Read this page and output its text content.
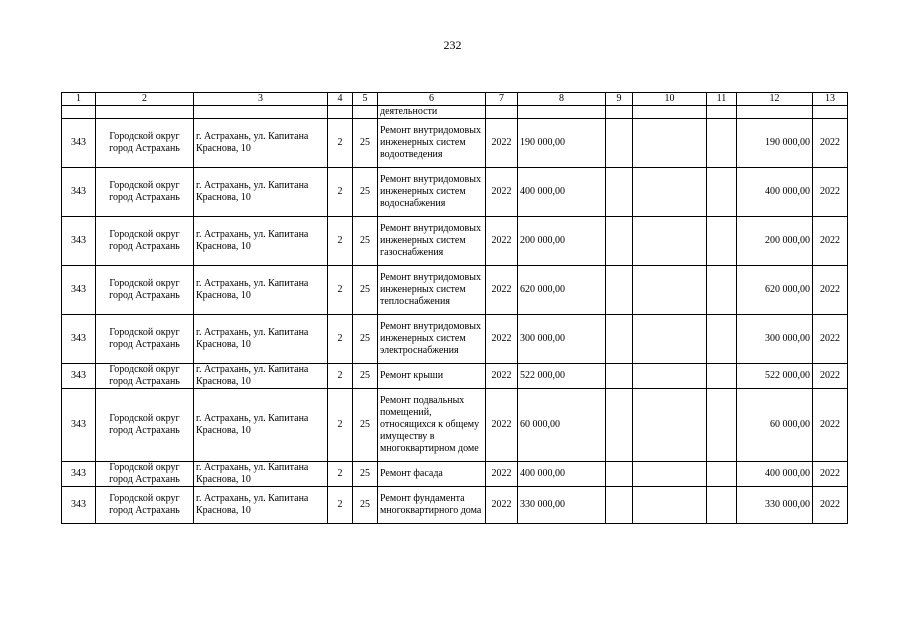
232
1	2	3	4	5	6	7	8	9	10	11	12	13
					деятельности							
343	Городской округ город Астрахань	г. Астрахань, ул. Капитана Краснова, 10	2	25	Ремонт внутридомовых инженерных систем водоотведения	2022	190 000,00				190 000,00	2022
343	Городской округ город Астрахань	г. Астрахань, ул. Капитана Краснова, 10	2	25	Ремонт внутридомовых инженерных систем водоснабжения	2022	400 000,00				400 000,00	2022
343	Городской округ город Астрахань	г. Астрахань, ул. Капитана Краснова, 10	2	25	Ремонт внутридомовых инженерных систем газоснабжения	2022	200 000,00				200 000,00	2022
343	Городской округ город Астрахань	г. Астрахань, ул. Капитана Краснова, 10	2	25	Ремонт внутридомовых инженерных систем теплоснабжения	2022	620 000,00				620 000,00	2022
343	Городской округ город Астрахань	г. Астрахань, ул. Капитана Краснова, 10	2	25	Ремонт внутридомовых инженерных систем электроснабжения	2022	300 000,00				300 000,00	2022
343	Городской округ город Астрахань	г. Астрахань, ул. Капитана Краснова, 10	2	25	Ремонт крыши	2022	522 000,00				522 000,00	2022
343	Городской округ город Астрахань	г. Астрахань, ул. Капитана Краснова, 10	2	25	Ремонт подвальных помещений, относящихся к общему имуществу в многоквартирном доме	2022	60 000,00				60 000,00	2022
343	Городской округ город Астрахань	г. Астрахань, ул. Капитана Краснова, 10	2	25	Ремонт фасада	2022	400 000,00				400 000,00	2022
343	Городской округ город Астрахань	г. Астрахань, ул. Капитана Краснова, 10	2	25	Ремонт фундамента многоквартирного дома	2022	330 000,00				330 000,00	2022
